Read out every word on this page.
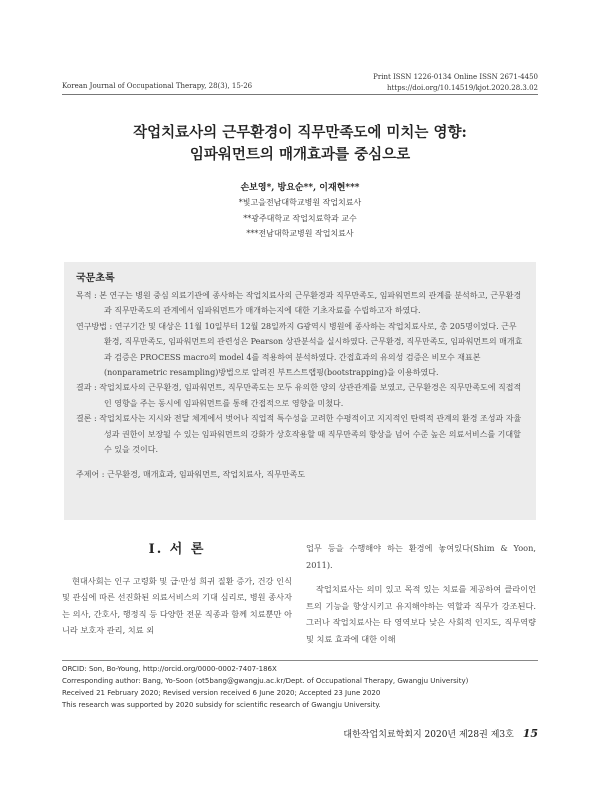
Korean Journal of Occupational Therapy, 28(3), 15-26
Print ISSN 1226-0134 Online ISSN 2671-4450
https://doi.org/10.14519/kjot.2020.28.3.02
작업치료사의 근무환경이 직무만족도에 미치는 영향:
임파워먼트의 매개효과를 중심으로
손보영*, 방요순**, 이재현***
*빛고을전남대학교병원 작업치료사
**광주대학교 작업치료학과 교수
***전남대학교병원 작업치료사
국문초록

목적 : 본 연구는 병원 중심 의료기관에 종사하는 작업치료사의 근무환경과 직무만족도, 임파워먼트의 관계를 분석하고, 근무환경과 직무만족도의 관계에서 임파워먼트가 매개하는지에 대한 기초자료를 수립하고자 하였다.

연구방법 : 연구기간 및 대상은 11월 10일부터 12월 28일까지 G광역시 병원에 종사하는 작업치료사로, 총 205명이었다. 근무환경, 직무만족도, 임파워먼트의 관련성은 Pearson 상관분석을 실시하였다. 근무환경, 직무만족도, 임파워먼트의 매개효과 검증은 PROCESS macro의 model 4를 적용하여 분석하였다. 간접효과의 유의성 검증은 비모수 재표본(nonparametric resampling)방법으로 알려진 부트스트랩핑(bootstrapping)을 이용하였다.

결과 : 작업치료사의 근무환경, 임파워먼트, 직무만족도는 모두 유의한 양의 상관관계를 보였고, 근무환경은 직무만족도에 직접적인 영향을 주는 동시에 임파워먼트를 통해 간접적으로 영향을 미쳤다.

결론 : 작업치료사는 지시와 전달 체계에서 벗어나 직업적 특수성을 고려한 수평적이고 지지적인 탄력적 관계의 환경 조성과 자율성과 권한이 보장될 수 있는 임파워먼트의 강화가 상호작용할 때 직무만족의 향상을 넘어 수준 높은 의료서비스를 기대할 수 있을 것이다.

주제어 : 근무환경, 매개효과, 임파워먼트, 작업치료사, 직무만족도
Ⅰ. 서 론

현대사회는 인구 고령화 및 급·만성 희귀 질환 증가, 건강 인식 및 관심에 따른 선진화된 의료서비스의 기대 심리로, 병원 종사자는 의사, 간호사, 행정직 등 다양한 전문 직종과 함께 치료뿐만 아니라 보호자 관리, 치료 외

업무 등을 수행해야 하는 환경에 놓여있다(Shim & Yoon, 2011).

작업치료사는 의미 있고 목적 있는 치료를 제공하여 클라이언트의 기능을 향상시키고 유지해야하는 역할과 직무가 강조된다. 그러나 작업치료사는 타 영역보다 낮은 사회적 인지도, 직무역량 및 치료 효과에 대한 이해

ORCID: Son, Bo-Young, http://orcid.org/0000-0002-7407-186X
Corresponding author: Bang, Yo-Soon (ot5bang@gwangju.ac.kr/Dept. of Occupational Therapy, Gwangju University)
Received 21 February 2020; Revised version received 6 June 2020; Accepted 23 June 2020
This research was supported by 2020 subsidy for scientific research of Gwangju University.
대한작업치료학회지 2020년 제28권 제3호 15
